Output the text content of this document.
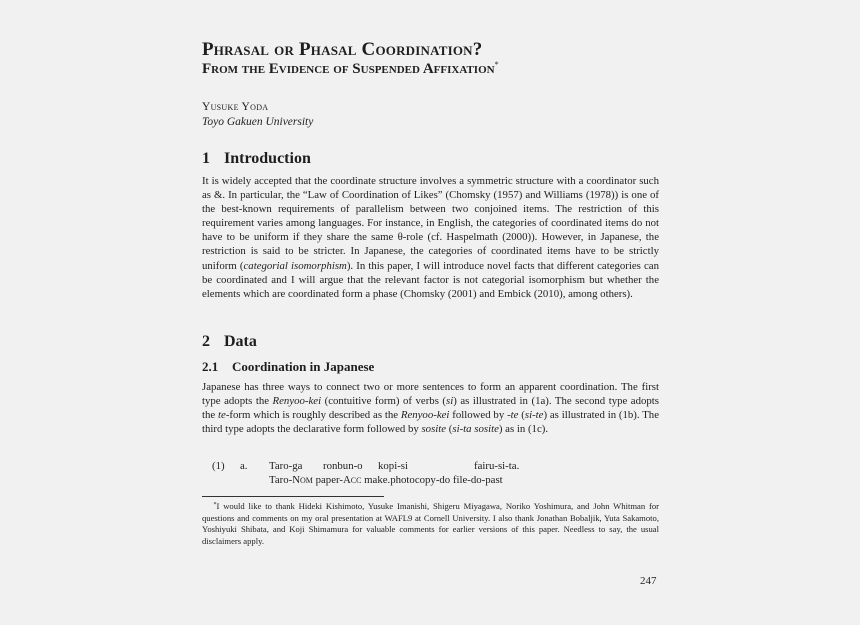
Phrasal or Phasal Coordination?
From the Evidence of Suspended Affixation*
Yusuke Yoda
Toyo Gakuen University
1 Introduction
It is widely accepted that the coordinate structure involves a symmetric structure with a coordinator such as &. In particular, the “Law of Coordination of Likes” (Chomsky (1957) and Williams (1978)) is one of the best-known requirements of parallelism between two conjoined items. The restriction of this requirement varies among languages. For instance, in English, the categories of coordinated items do not have to be uniform if they share the same θ-role (cf. Haspelmath (2000)). However, in Japanese, the restriction is said to be stricter. In Japanese, the categories of coordinated items have to be strictly uniform (categorial isomorphism). In this paper, I will introduce novel facts that different categories can be coordinated and I will argue that the relevant factor is not categorial isomorphism but whether the elements which are coordinated form a phase (Chomsky (2001) and Embick (2010), among others).
2 Data
2.1 Coordination in Japanese
Japanese has three ways to connect two or more sentences to form an apparent coordination. The first type adopts the Renyoo-kei (contuitive form) of verbs (si) as illustrated in (1a). The second type adopts the te-form which is roughly described as the Renyoo-kei followed by -te (si-te) as illustrated in (1b). The third type adopts the declarative form followed by sosite (si-ta sosite) as in (1c).
(1) a. Taro-ga ronbun-o kopi-si	fairu-si-ta.
Taro-Nom paper-Acc make.photocopy-do file-do-past
*I would like to thank Hideki Kishimoto, Yusuke Imanishi, Shigeru Miyagawa, Noriko Yoshimura, and John Whitman for questions and comments on my oral presentation at WAFL9 at Cornell University. I also thank Jonathan Bobaljik, Yuta Sakamoto, Yoshiyuki Shibata, and Koji Shimamura for valuable comments for earlier versions of this paper. Needless to say, the usual disclaimers apply.
247
